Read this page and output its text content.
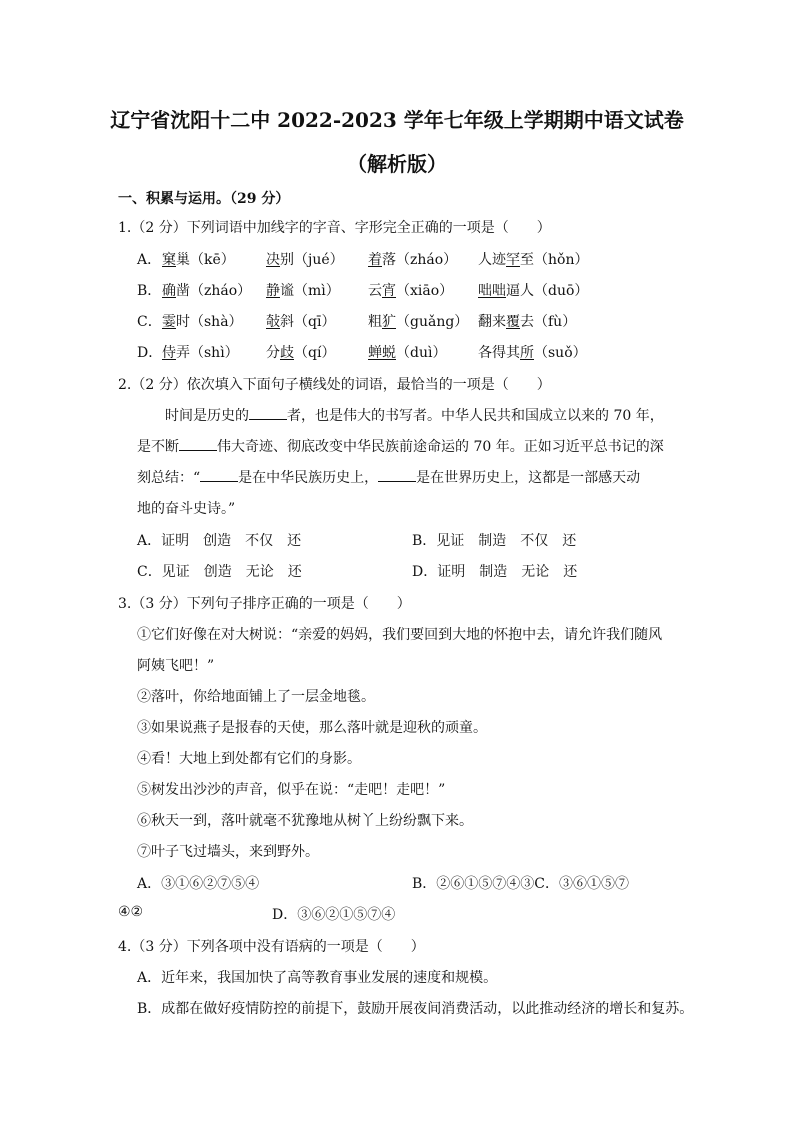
辽宁省沈阳十二中 2022-2023 学年七年级上学期期中语文试卷
（解析版）
一、积累与运用。（29 分）
1.（2 分）下列词语中加线字的字音、字形完全正确的一项是（　　）
A． 窠巢（kē） 决别（jué） 着落（zháo） 人迹罕至（hǒn）
B． 确凿（zháo） 静谧（mì） 云宵（xiāo） 咄咄逼人（duō）
C． 霎时（shà） 敧斜（qī） 粗犷（guǎng） 翻来覆去（fù）
D． 侍弄（shì） 分歧（qí） 蝉蜕（duì） 各得其所（suǒ）
2.（2 分）依次填入下面句子横线处的词语，最恰当的一项是（　　）
时间是历史的	者，也是伟大的书写者。中华人民共和国成立以来的 70 年，
是不断	伟大奇迹、彻底改变中华民族前途命运的 70 年。正如习近平总书记的深
刻总结：“	是在中华民族历史上，	是在世界历史上，这都是一部感天动
地的奋斗史诗。”
A．证明　创造　不仅　还	B．见证　制造　不仅　还
C．见证　创造　无论　还	D．证明　制造　无论　还
3.（3 分）下列句子排序正确的一项是（　　）
①它们好像在对大树说：“亲爱的妈妈，我们要回到大地的怀抱中去，请允许我们随风
阿姨飞吧！”
②落叶，你给地面铺上了一层金地毯。
③如果说燕子是报春的天使，那么落叶就是迎秋的顽童。
④看！大地上到处都有它们的身影。
⑤树发出沙沙的声音，似乎在说：“走吧！走吧！”
⑥秋天一到，落叶就毫不犹豫地从树丫上纷纷飘下来。
⑦叶子飞过墙头，来到野外。
A．③①⑥②⑦⑤④	B．②⑥①⑤⑦④③C．③⑥①⑤⑦
④②	D．③⑥②①⑤⑦④
4.（3 分）下列各项中没有语病的一项是（　　）
A．近年来，我国加快了高等教育事业发展的速度和规模。
B．成都在做好疫情防控的前提下，鼓励开展夜间消费活动，以此推动经济的增长和复苏。
